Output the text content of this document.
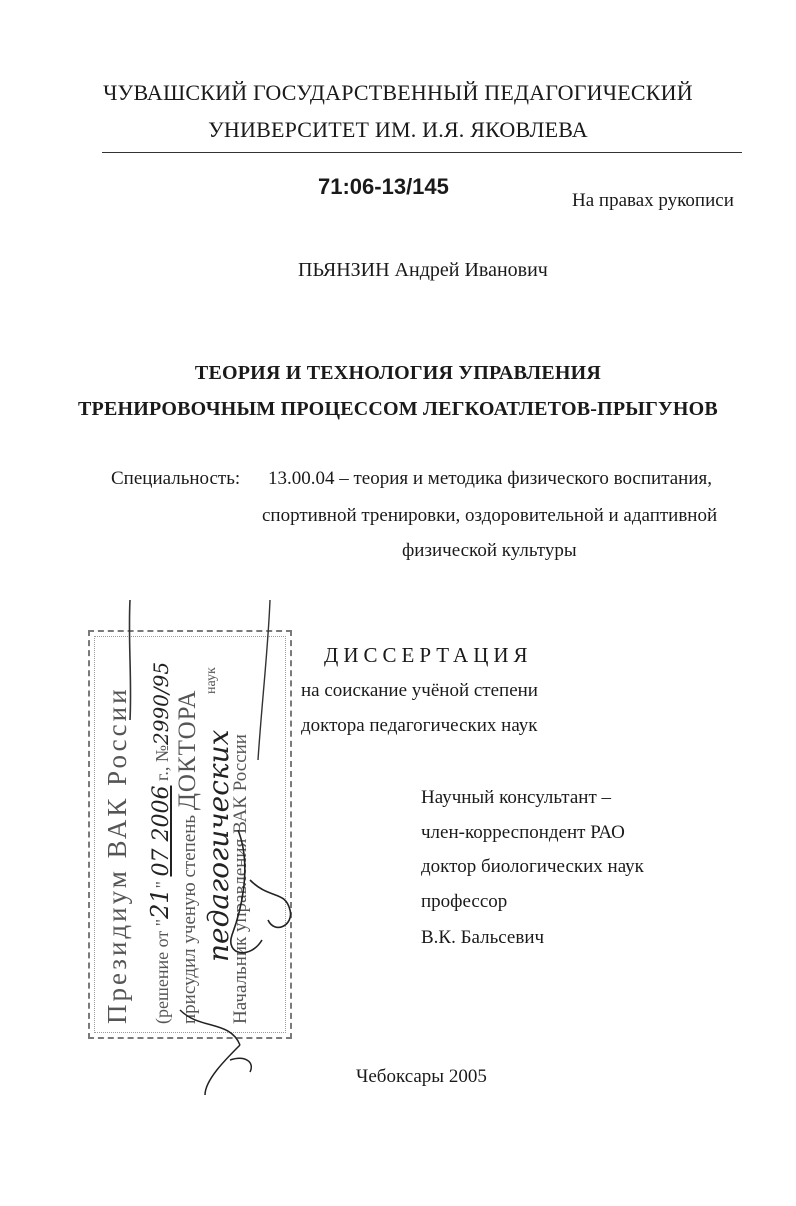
ЧУВАШСКИЙ ГОСУДАРСТВЕННЫЙ ПЕДАГОГИЧЕСКИЙ
УНИВЕРСИТЕТ ИМ. И.Я. ЯКОВЛЕВА
71:06-13/145
На правах рукописи
ПЬЯНЗИН Андрей Иванович
ТЕОРИЯ И ТЕХНОЛОГИЯ УПРАВЛЕНИЯ
ТРЕНИРОВОЧНЫМ ПРОЦЕССОМ ЛЕГКОАТЛЕТОВ-ПРЫГУНОВ
Специальность: 13.00.04 – теория и методика физического воспитания,
спортивной тренировки, оздоровительной и адаптивной
физической культуры
ДИССЕРТАЦИЯ
на соискание учёной степени
доктора педагогических наук
Научный консультант –
член-корреспондент РАО
доктор биологических наук
профессор
В.К. Бальсевич
Президиум ВАК России	(решение от "21" 07 2006 г., №2990/95
присудил ученую степень ДОКТОРА педагогических
наук
Начальник управления ВАК России
Чебоксары 2005
